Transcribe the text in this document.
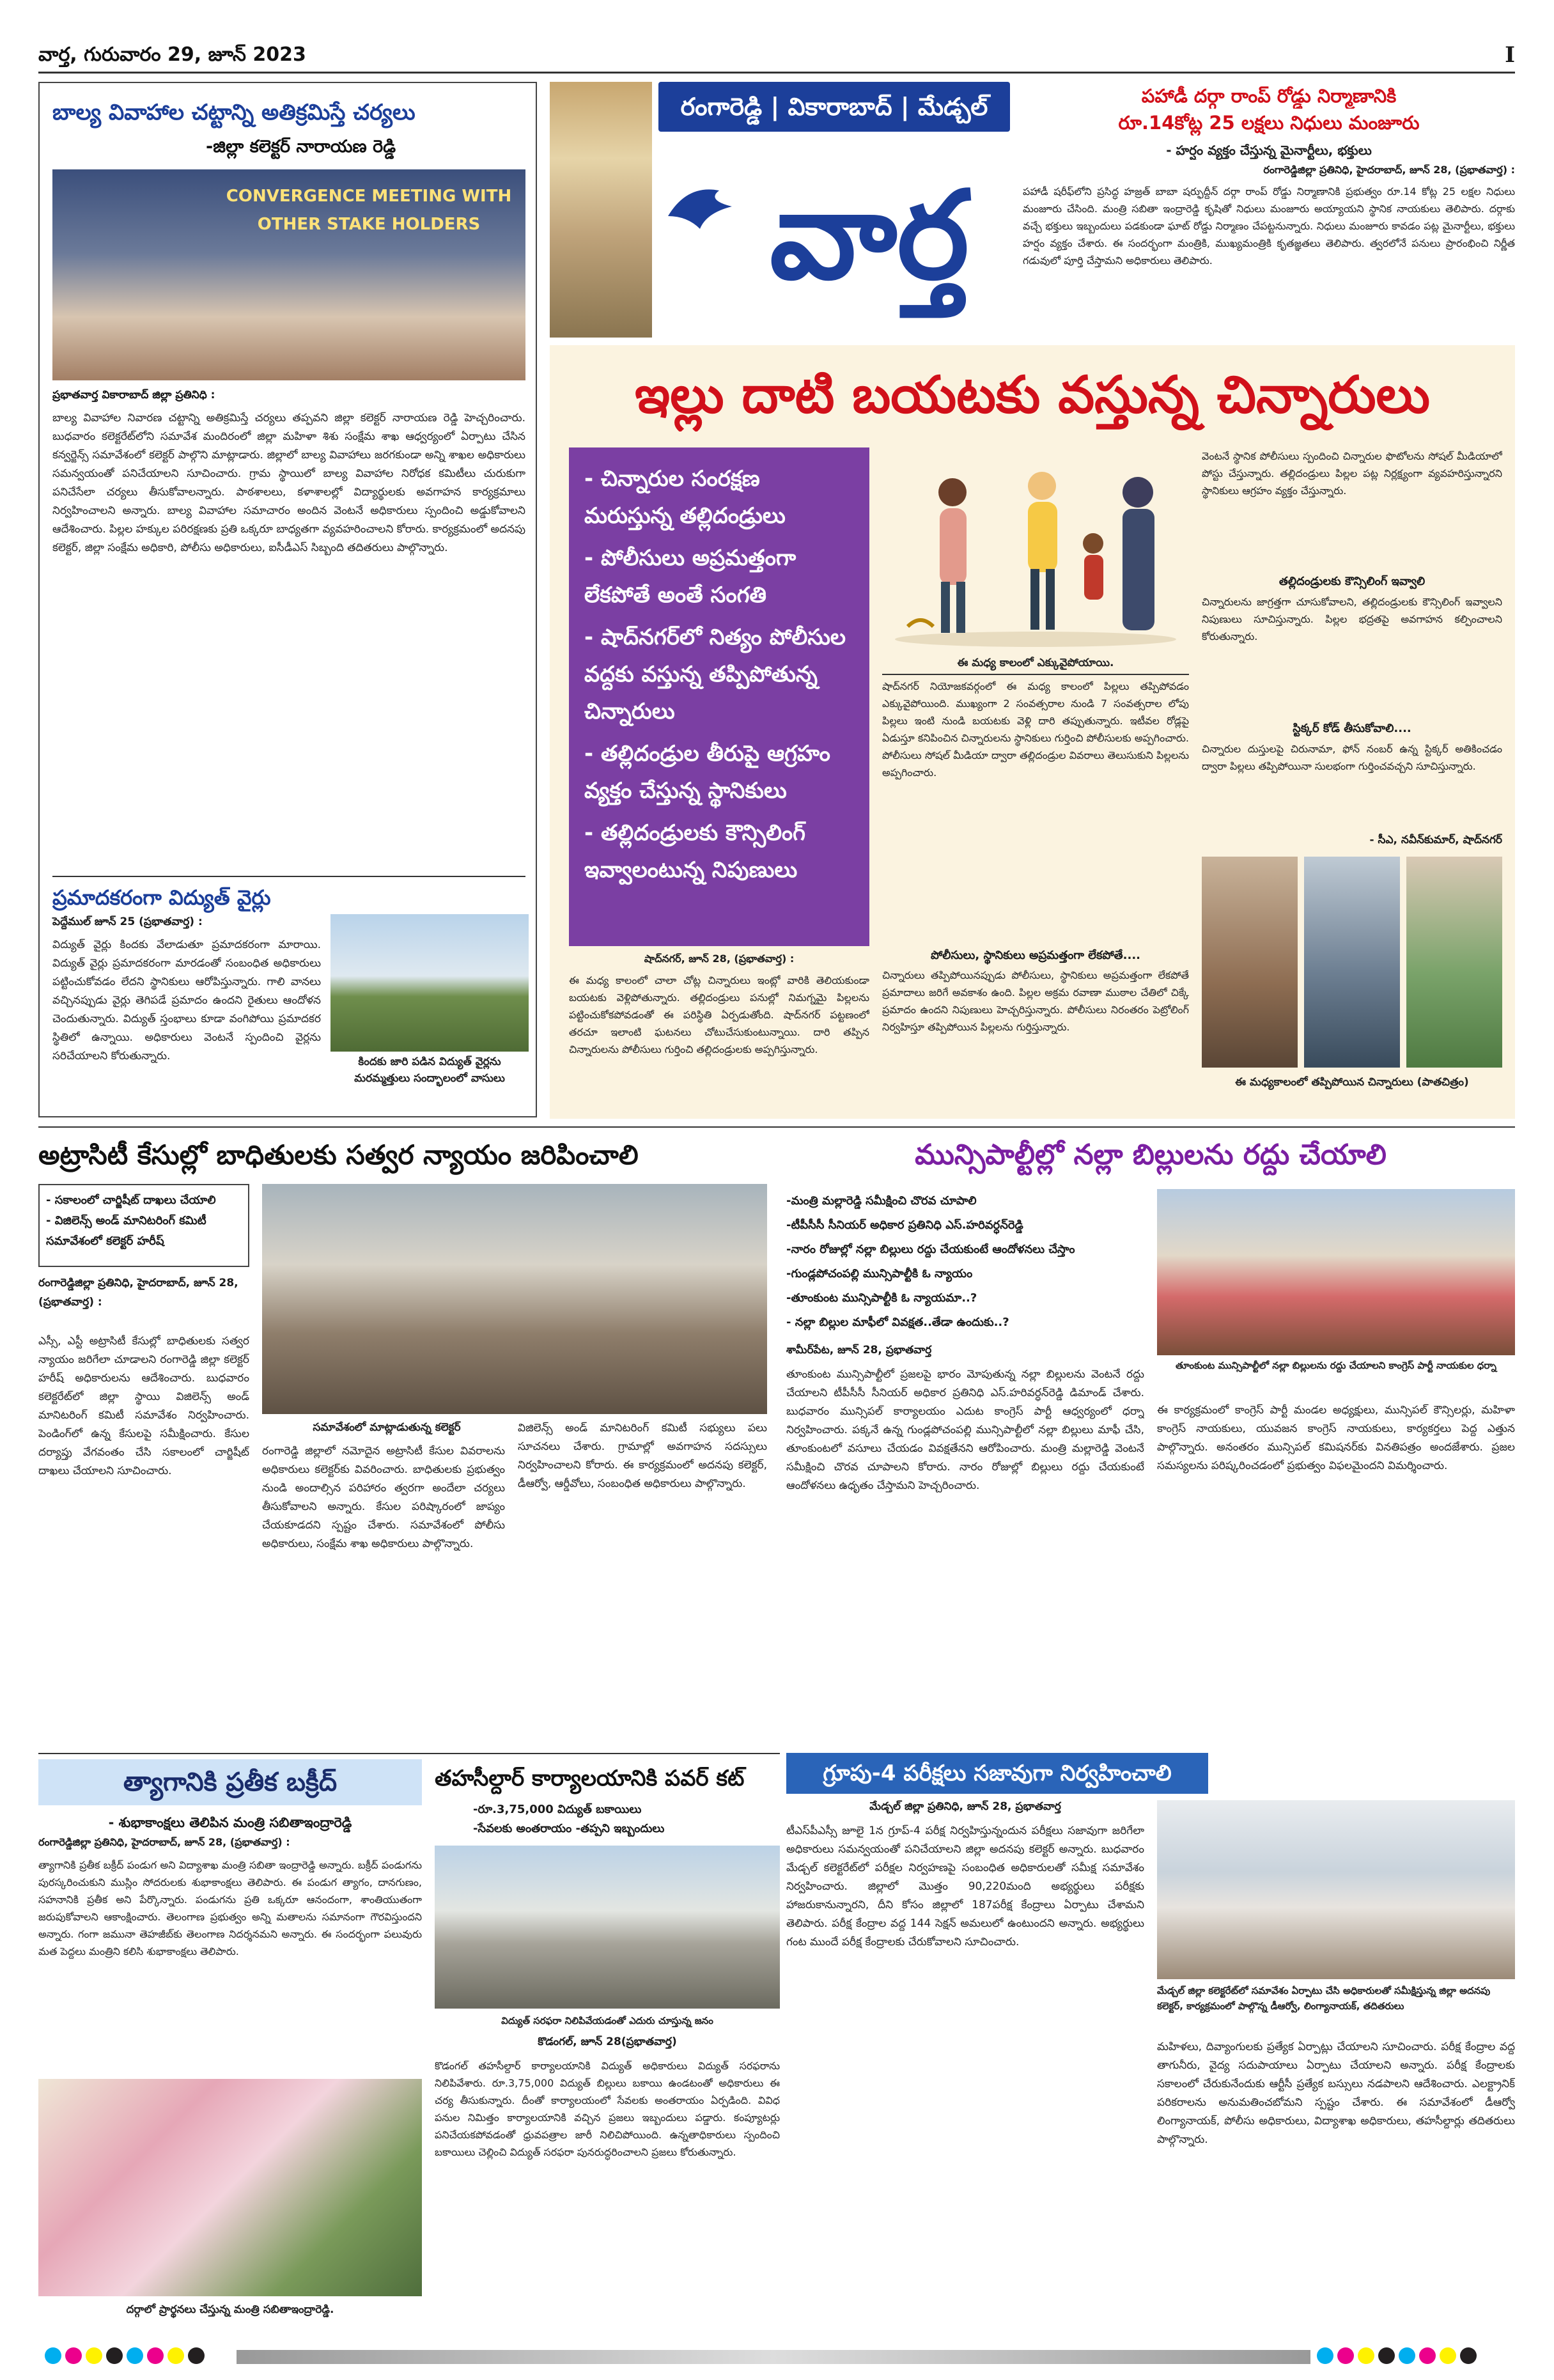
వార్త, గురువారం 29, జూన్ 2023	I
బాల్య వివాహాల చట్టాన్ని అతిక్రమిస్తే చర్యలు
-జిల్లా కలెక్టర్ నారాయణ రెడ్డి
CONVERGENCE MEETING WITH OTHER STAKE HOLDERS
ప్రభాతవార్త వికారాబాద్ జిల్లా ప్రతినిధి :
బాల్య వివాహాల నివారణ చట్టాన్ని అతిక్రమిస్తే చర్యలు తప్పవని జిల్లా కలెక్టర్ నారాయణ రెడ్డి హెచ్చరించారు. బుధవారం కలెక్టరేట్‌లోని సమావేశ మందిరంలో జిల్లా మహిళా శిశు సంక్షేమ శాఖ ఆధ్వర్యంలో ఏర్పాటు చేసిన కన్వర్జెన్స్ సమావేశంలో కలెక్టర్ పాల్గొని మాట్లాడారు. జిల్లాలో బాల్య వివాహాలు జరగకుండా అన్ని శాఖల అధికారులు సమన్వయంతో పనిచేయాలని సూచించారు. గ్రామ స్థాయిలో బాల్య వివాహాల నిరోధక కమిటీలు చురుకుగా పనిచేసేలా చర్యలు తీసుకోవాలన్నారు. పాఠశాలలు, కళాశాలల్లో విద్యార్థులకు అవగాహన కార్యక్రమాలు నిర్వహించాలని అన్నారు. బాల్య వివాహాల సమాచారం అందిన వెంటనే అధికారులు స్పందించి అడ్డుకోవాలని ఆదేశించారు. పిల్లల హక్కుల పరిరక్షణకు ప్రతి ఒక్కరూ బాధ్యతగా వ్యవహరించాలని కోరారు. కార్యక్రమంలో అదనపు కలెక్టర్, జిల్లా సంక్షేమ అధికారి, పోలీసు అధికారులు, ఐసీడీఎస్ సిబ్బంది తదితరులు పాల్గొన్నారు.
ప్రమాదకరంగా విద్యుత్ వైర్లు
పెద్దేముల్ జూన్ 25 (ప్రభాతవార్త) :
విద్యుత్ వైర్లు కిందకు వేలాడుతూ ప్రమాదకరంగా మారాయి. విద్యుత్ వైర్లు ప్రమాదకరంగా మారడంతో సంబంధిత అధికారులు పట్టించుకోవడం లేదని స్థానికులు ఆరోపిస్తున్నారు. గాలి వానలు వచ్చినప్పుడు వైర్లు తెగిపడే ప్రమాదం ఉందని రైతులు ఆందోళన చెందుతున్నారు. విద్యుత్ స్తంభాలు కూడా వంగిపోయి ప్రమాదకర స్థితిలో ఉన్నాయి. అధికారులు వెంటనే స్పందించి వైర్లను సరిచేయాలని కోరుతున్నారు.	కిందకు జారి పడిన విద్యుత్ వైర్లను మరమ్మత్తులు సంద్భాలంలో వాసులు
రంగారెడ్డి | వికారాబాద్ | మేడ్చల్
వార్త
పహాడీ దర్గా రాంప్ రోడ్డు నిర్మాణానికి
రూ.14కోట్ల 25 లక్షలు నిధులు మంజూరు
- హర్షం వ్యక్తం చేస్తున్న మైనార్టీలు, భక్తులు
రంగారెడ్డిజిల్లా ప్రతినిధి, హైదరాబాద్, జూన్ 28, (ప్రభాతవార్త) :
పహాడీ షరీఫ్‌లోని ప్రసిద్ధ హజ్రత్ బాబా షర్ఫుద్దీన్ దర్గా రాంప్ రోడ్డు నిర్మాణానికి ప్రభుత్వం రూ.14 కోట్ల 25 లక్షల నిధులు మంజూరు చేసింది. మంత్రి సబితా ఇంద్రారెడ్డి కృషితో నిధులు మంజూరు అయ్యాయని స్థానిక నాయకులు తెలిపారు. దర్గాకు వచ్చే భక్తులు ఇబ్బందులు పడకుండా ఘాట్ రోడ్డు నిర్మాణం చేపట్టనున్నారు. నిధులు మంజూరు కావడం పట్ల మైనార్టీలు, భక్తులు హర్షం వ్యక్తం చేశారు. ఈ సందర్భంగా మంత్రికి, ముఖ్యమంత్రికి కృతజ్ఞతలు తెలిపారు. త్వరలోనే పనులు ప్రారంభించి నిర్ణీత గడువులో పూర్తి చేస్తామని అధికారులు తెలిపారు.
ఇల్లు దాటి బయటకు వస్తున్న చిన్నారులు
- చిన్నారుల సంరక్షణ మరుస్తున్న తల్లిదండ్రులు
- పోలీసులు అప్రమత్తంగా లేకపోతే అంతే సంగతి
- షాద్‌నగర్‌లో నిత్యం పోలీసుల వద్దకు వస్తున్న తప్పిపోతున్న చిన్నారులు
- తల్లిదండ్రుల తీరుపై ఆగ్రహం వ్యక్తం చేస్తున్న స్థానికులు
- తల్లిదండ్రులకు కౌన్సిలింగ్ ఇవ్వాలంటున్న నిపుణులు
ఈ మధ్య కాలంలో ఎక్కువైపోయాయి.
షాద్‌నగర్ నియోజకవర్గంలో ఈ మధ్య కాలంలో పిల్లలు తప్పిపోవడం ఎక్కువైపోయింది. ముఖ్యంగా 2 సంవత్సరాల నుండి 7 సంవత్సరాల లోపు పిల్లలు ఇంటి నుండి బయటకు వెళ్లి దారి తప్పుతున్నారు. ఇటీవల రోడ్లపై ఏడుస్తూ కనిపించిన చిన్నారులను స్థానికులు గుర్తించి పోలీసులకు అప్పగించారు. పోలీసులు సోషల్ మీడియా ద్వారా తల్లిదండ్రుల వివరాలు తెలుసుకుని పిల్లలను అప్పగించారు.
పోలీసులు, స్థానికులు అప్రమత్తంగా లేకపోతే....
చిన్నారులు తప్పిపోయినప్పుడు పోలీసులు, స్థానికులు అప్రమత్తంగా లేకపోతే ప్రమాదాలు జరిగే అవకాశం ఉంది. పిల్లల అక్రమ రవాణా ముఠాల చేతిలో చిక్కే ప్రమాదం ఉందని నిపుణులు హెచ్చరిస్తున్నారు. పోలీసులు నిరంతరం పెట్రోలింగ్ నిర్వహిస్తూ తప్పిపోయిన పిల్లలను గుర్తిస్తున్నారు.
షాద్‌నగర్, జూన్ 28, (ప్రభాతవార్త) :
ఈ మధ్య కాలంలో చాలా చోట్ల చిన్నారులు ఇంట్లో వారికి తెలియకుండా బయటకు వెళ్లిపోతున్నారు. తల్లిదండ్రులు పనుల్లో నిమగ్నమై పిల్లలను పట్టించుకోకపోవడంతో ఈ పరిస్థితి ఏర్పడుతోంది. షాద్‌నగర్ పట్టణంలో తరచూ ఇలాంటి ఘటనలు చోటుచేసుకుంటున్నాయి. దారి తప్పిన చిన్నారులను పోలీసులు గుర్తించి తల్లిదండ్రులకు అప్పగిస్తున్నారు.
వెంటనే స్థానిక పోలీసులు స్పందించి చిన్నారుల ఫొటోలను సోషల్ మీడియాలో పోస్టు చేస్తున్నారు. తల్లిదండ్రులు పిల్లల పట్ల నిర్లక్ష్యంగా వ్యవహరిస్తున్నారని స్థానికులు ఆగ్రహం వ్యక్తం చేస్తున్నారు.
తల్లిదండ్రులకు కౌన్సిలింగ్ ఇవ్వాలి
చిన్నారులను జాగ్రత్తగా చూసుకోవాలని, తల్లిదండ్రులకు కౌన్సిలింగ్ ఇవ్వాలని నిపుణులు సూచిస్తున్నారు. పిల్లల భద్రతపై అవగాహన కల్పించాలని కోరుతున్నారు.
స్టిక్కర్ కోడ్ తీసుకోవాలి....
చిన్నారుల దుస్తులపై చిరునామా, ఫోన్ నంబర్ ఉన్న స్టిక్కర్ అతికించడం ద్వారా పిల్లలు తప్పిపోయినా సులభంగా గుర్తించవచ్చని సూచిస్తున్నారు.
- సీఎ, నవీన్‌కుమార్, షాద్‌నగర్
ఈ మధ్యకాలంలో తప్పిపోయిన చిన్నారులు (పాతచిత్రం)
అట్రాసిటీ కేసుల్లో బాధితులకు సత్వర న్యాయం జరిపించాలి
- సకాలంలో చార్జిషీట్ దాఖలు చేయాలి
- విజిలెన్స్ అండ్ మానిటరింగ్ కమిటీ సమావేశంలో కలెక్టర్ హరీష్
రంగారెడ్డిజిల్లా ప్రతినిధి, హైదరాబాద్, జూన్ 28, (ప్రభాతవార్త) :
ఎస్సీ, ఎస్టీ అట్రాసిటీ కేసుల్లో బాధితులకు సత్వర న్యాయం జరిగేలా చూడాలని రంగారెడ్డి జిల్లా కలెక్టర్ హరీష్ అధికారులను ఆదేశించారు. బుధవారం కలెక్టరేట్‌లో జిల్లా స్థాయి విజిలెన్స్ అండ్ మానిటరింగ్ కమిటీ సమావేశం నిర్వహించారు. పెండింగ్‌లో ఉన్న కేసులపై సమీక్షించారు. కేసుల దర్యాప్తు వేగవంతం చేసి సకాలంలో చార్జిషీట్ దాఖలు చేయాలని సూచించారు.
సమావేశంలో మాట్లాడుతున్న కలెక్టర్
రంగారెడ్డి జిల్లాలో నమోదైన అట్రాసిటీ కేసుల వివరాలను అధికారులు కలెక్టర్‌కు వివరించారు. బాధితులకు ప్రభుత్వం నుండి అందాల్సిన పరిహారం త్వరగా అందేలా చర్యలు తీసుకోవాలని అన్నారు. కేసుల పరిష్కారంలో జాప్యం చేయకూడదని స్పష్టం చేశారు. సమావేశంలో పోలీసు అధికారులు, సంక్షేమ శాఖ అధికారులు పాల్గొన్నారు.
విజిలెన్స్ అండ్ మానిటరింగ్ కమిటీ సభ్యులు పలు సూచనలు చేశారు. గ్రామాల్లో అవగాహన సదస్సులు నిర్వహించాలని కోరారు. ఈ కార్యక్రమంలో అదనపు కలెక్టర్, డీఆర్వో, ఆర్డీవోలు, సంబంధిత అధికారులు పాల్గొన్నారు.
మున్సిపాల్టీల్లో నల్లా బిల్లులను రద్దు చేయాలి
-మంత్రి మల్లారెడ్డి సమీక్షించి చొరవ చూపాలి
-టీపీసీసీ సీనియర్ అధికార ప్రతినిధి ఎస్.హరివర్ధన్‌రెడ్డి
-నారం రోజుల్లో నల్లా బిల్లులు రద్దు చేయకుంటే ఆందోళనలు చేస్తాం
-గుండ్లపోచంపల్లి మున్సిపాల్టీకి ఓ న్యాయం
-తూంకుంట మున్సిపాల్టీకి ఓ న్యాయమా..?
- నల్లా బిల్లుల మాఫీలో వివక్షత..తేడా ఉందుకు..?
తూంకుంట మున్సిపాల్టీలో నల్లా బిల్లులను రద్దు చేయాలని కాంగ్రెస్ పార్టీ నాయకుల ధర్నా
శామీర్‌పేట, జూన్ 28, ప్రభాతవార్త
తూంకుంట మున్సిపాల్టీలో ప్రజలపై భారం మోపుతున్న నల్లా బిల్లులను వెంటనే రద్దు చేయాలని టీపీసీసీ సీనియర్ అధికార ప్రతినిధి ఎస్.హరివర్ధన్‌రెడ్డి డిమాండ్ చేశారు. బుధవారం మున్సిపల్ కార్యాలయం ఎదుట కాంగ్రెస్ పార్టీ ఆధ్వర్యంలో ధర్నా నిర్వహించారు. పక్కనే ఉన్న గుండ్లపోచంపల్లి మున్సిపాల్టీలో నల్లా బిల్లులు మాఫీ చేసి, తూంకుంటలో వసూలు చేయడం వివక్షతేనని ఆరోపించారు. మంత్రి మల్లారెడ్డి వెంటనే సమీక్షించి చొరవ చూపాలని కోరారు. నారం రోజుల్లో బిల్లులు రద్దు చేయకుంటే ఆందోళనలు ఉధృతం చేస్తామని హెచ్చరించారు.
ఈ కార్యక్రమంలో కాంగ్రెస్ పార్టీ మండల అధ్యక్షులు, మున్సిపల్ కౌన్సిలర్లు, మహిళా కాంగ్రెస్ నాయకులు, యువజన కాంగ్రెస్ నాయకులు, కార్యకర్తలు పెద్ద ఎత్తున పాల్గొన్నారు. అనంతరం మున్సిపల్ కమిషనర్‌కు వినతిపత్రం అందజేశారు. ప్రజల సమస్యలను పరిష్కరించడంలో ప్రభుత్వం విఫలమైందని విమర్శించారు.
త్యాగానికి ప్రతీక బక్రీద్
- శుభాకాంక్షలు తెలిపిన మంత్రి సబితాఇంద్రారెడ్డి
రంగారెడ్డిజిల్లా ప్రతినిధి, హైదరాబాద్, జూన్ 28, (ప్రభాతవార్త) :
త్యాగానికి ప్రతీక బక్రీద్ పండుగ అని విద్యాశాఖ మంత్రి సబితా ఇంద్రారెడ్డి అన్నారు. బక్రీద్ పండుగను పురస్కరించుకుని ముస్లిం సోదరులకు శుభాకాంక్షలు తెలిపారు. ఈ పండుగ త్యాగం, దానగుణం, సహనానికి ప్రతీక అని పేర్కొన్నారు. పండుగను ప్రతి ఒక్కరూ ఆనందంగా, శాంతియుతంగా జరుపుకోవాలని ఆకాంక్షించారు. తెలంగాణ ప్రభుత్వం అన్ని మతాలను సమానంగా గౌరవిస్తుందని అన్నారు. గంగా జమునా తెహజీబ్‌కు తెలంగాణ నిదర్శనమని అన్నారు. ఈ సందర్భంగా పలువురు మత పెద్దలు మంత్రిని కలిసి శుభాకాంక్షలు తెలిపారు.
దర్గాలో ప్రార్థనలు చేస్తున్న మంత్రి సబితాఇంద్రారెడ్డి.
తహసీల్దార్ కార్యాలయానికి పవర్ కట్
-రూ.3,75,000 విద్యుత్ బకాయిలు
-సేవలకు అంతరాయం -తప్పని ఇబ్బందులు
విద్యుత్ సరఫరా నిలిపివేయడంతో ఎదురు చూస్తున్న జనం
కొడంగల్, జూన్ 28(ప్రభాతవార్త)
కొడంగల్ తహసీల్దార్ కార్యాలయానికి విద్యుత్ అధికారులు విద్యుత్ సరఫరాను నిలిపివేశారు. రూ.3,75,000 విద్యుత్ బిల్లులు బకాయి ఉండటంతో అధికారులు ఈ చర్య తీసుకున్నారు. దీంతో కార్యాలయంలో సేవలకు అంతరాయం ఏర్పడింది. వివిధ పనుల నిమిత్తం కార్యాలయానికి వచ్చిన ప్రజలు ఇబ్బందులు పడ్డారు. కంప్యూటర్లు పనిచేయకపోవడంతో ధ్రువపత్రాల జారీ నిలిచిపోయింది. ఉన్నతాధికారులు స్పందించి బకాయిలు చెల్లించి విద్యుత్ సరఫరా పునరుద్ధరించాలని ప్రజలు కోరుతున్నారు.
గ్రూపు-4 పరీక్షలు సజావుగా నిర్వహించాలి
మేడ్చల్ జిల్లా ప్రతినిధి, జూన్ 28, ప్రభాతవార్త
టీఎస్‌పీఎస్సీ జూలై 1న గ్రూప్-4 పరీక్ష నిర్వహిస్తున్నందున పరీక్షలు సజావుగా జరిగేలా అధికారులు సమన్వయంతో పనిచేయాలని జిల్లా అదనపు కలెక్టర్ అన్నారు. బుధవారం మేడ్చల్ కలెక్టరేట్‌లో పరీక్షల నిర్వహణపై సంబంధిత అధికారులతో సమీక్ష సమావేశం నిర్వహించారు. జిల్లాలో మొత్తం 90,220మంది అభ్యర్థులు పరీక్షకు హాజరుకానున్నారని, దీని కోసం జిల్లాలో 187పరీక్ష కేంద్రాలు ఏర్పాటు చేశామని తెలిపారు. పరీక్ష కేంద్రాల వద్ద 144 సెక్షన్ అమలులో ఉంటుందని అన్నారు. అభ్యర్థులు గంట ముందే పరీక్ష కేంద్రాలకు చేరుకోవాలని సూచించారు.
మేడ్చల్ జిల్లా కలెక్టరేట్‌లో సమావేశం ఏర్పాటు చేసి అధికారులతో సమీక్షిస్తున్న జిల్లా అదనపు కలెక్టర్, కార్యక్రమంలో పాల్గొన్న డీఆర్వో, లింగ్యానాయక్, తదితరులు
మహిళలు, దివ్యాంగులకు ప్రత్యేక ఏర్పాట్లు చేయాలని సూచించారు. పరీక్ష కేంద్రాల వద్ద తాగునీరు, వైద్య సదుపాయాలు ఏర్పాటు చేయాలని అన్నారు. పరీక్ష కేంద్రాలకు సకాలంలో చేరుకునేందుకు ఆర్టీసీ ప్రత్యేక బస్సులు నడపాలని ఆదేశించారు. ఎలక్ట్రానిక్ పరికరాలను అనుమతించబోమని స్పష్టం చేశారు. ఈ సమావేశంలో డీఆర్వో లింగ్యానాయక్, పోలీసు అధికారులు, విద్యాశాఖ అధికారులు, తహసీల్దార్లు తదితరులు పాల్గొన్నారు.
